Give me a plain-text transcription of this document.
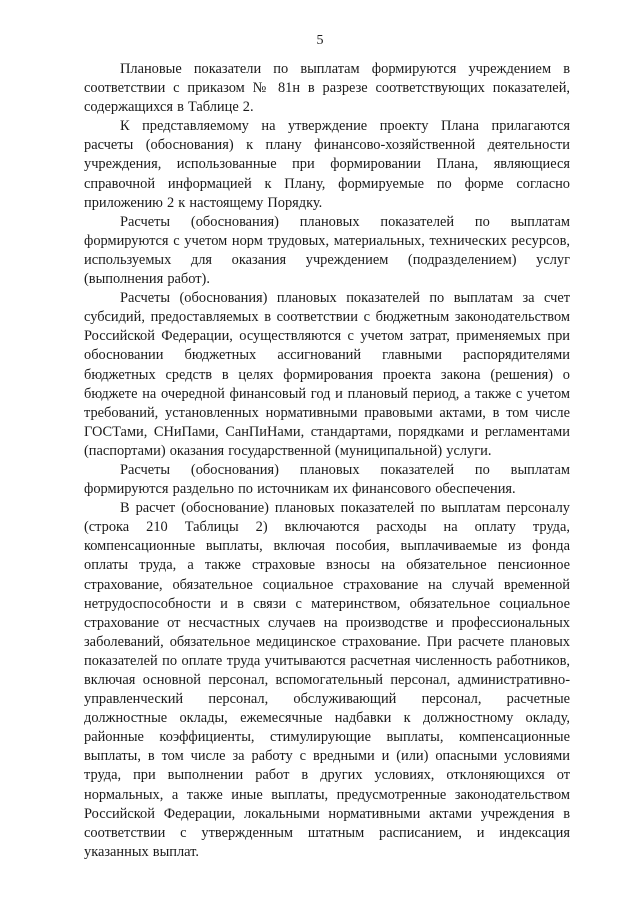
5

Плановые показатели по выплатам формируются учреждением в соответствии с приказом № 81н в разрезе соответствующих показателей, содержащихся в Таблице 2.

К представляемому на утверждение проекту Плана прилагаются расчеты (обоснования) к плану финансово-хозяйственной деятельности учреждения, использованные при формировании Плана, являющиеся справочной информацией к Плану, формируемые по форме согласно приложению 2 к настоящему Порядку.

Расчеты (обоснования) плановых показателей по выплатам формируются с учетом норм трудовых, материальных, технических ресурсов, используемых для оказания учреждением (подразделением) услуг (выполнения работ).

Расчеты (обоснования) плановых показателей по выплатам за счет субсидий, предоставляемых в соответствии с бюджетным законодательством Российской Федерации, осуществляются с учетом затрат, применяемых при обосновании бюджетных ассигнований главными распорядителями бюджетных средств в целях формирования проекта закона (решения) о бюджете на очередной финансовый год и плановый период, а также с учетом требований, установленных нормативными правовыми актами, в том числе ГОСТами, СНиПами, СанПиНами, стандартами, порядками и регламентами (паспортами) оказания государственной (муниципальной) услуги.

Расчеты (обоснования) плановых показателей по выплатам формируются раздельно по источникам их финансового обеспечения.

В расчет (обоснование) плановых показателей по выплатам персоналу (строка 210 Таблицы 2) включаются расходы на оплату труда, компенсационные выплаты, включая пособия, выплачиваемые из фонда оплаты труда, а также страховые взносы на обязательное пенсионное страхование, обязательное социальное страхование на случай временной нетрудоспособности и в связи с материнством, обязательное социальное страхование от несчастных случаев на производстве и профессиональных заболеваний, обязательное медицинское страхование. При расчете плановых показателей по оплате труда учитываются расчетная численность работников, включая основной персонал, вспомогательный персонал, административно-управленческий персонал, обслуживающий персонал, расчетные должностные оклады, ежемесячные надбавки к должностному окладу, районные коэффициенты, стимулирующие выплаты, компенсационные выплаты, в том числе за работу с вредными и (или) опасными условиями труда, при выполнении работ в других условиях, отклоняющихся от нормальных, а также иные выплаты, предусмотренные законодательством Российской Федерации, локальными нормативными актами учреждения в соответствии с утвержденным штатным расписанием, и индексация указанных выплат.
